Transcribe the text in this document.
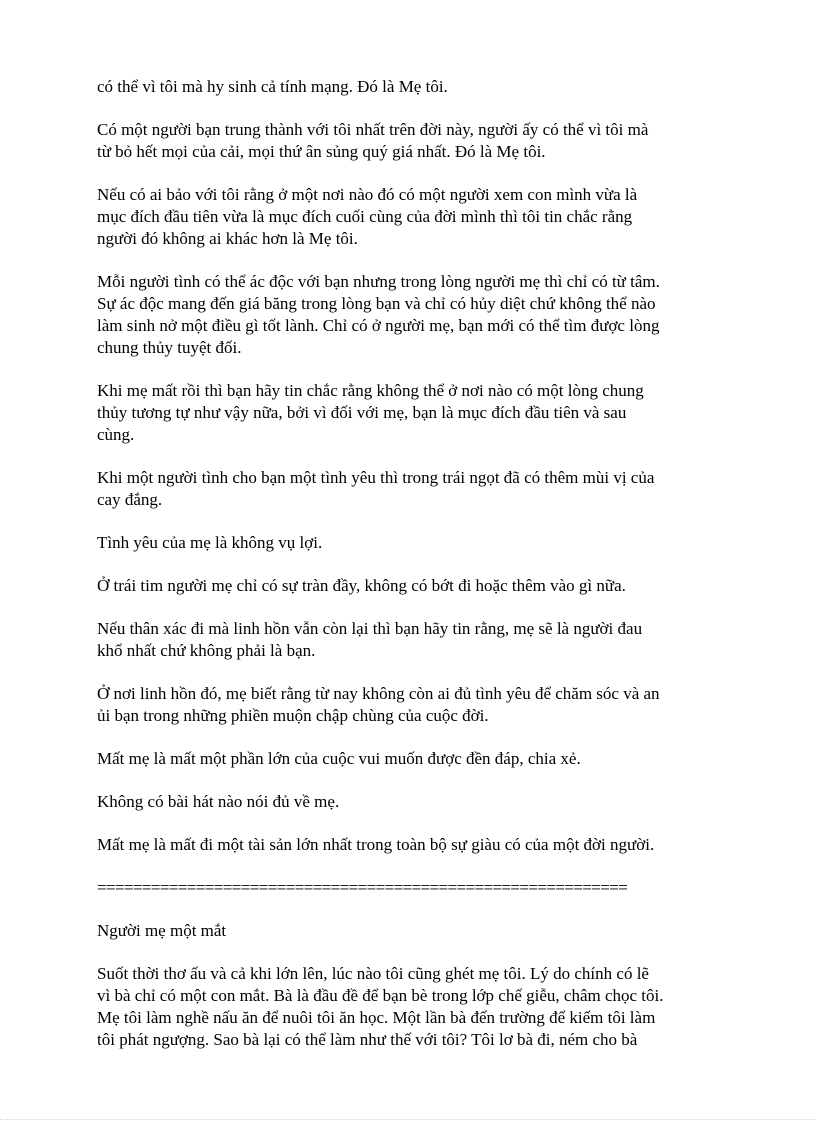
có thể vì tôi mà hy sinh cả tính mạng. Đó là Mẹ tôi.

Có một người bạn trung thành với tôi nhất trên đời này, người ấy có thể vì tôi mà
từ bỏ hết mọi của cải, mọi thứ ân sủng quý giá nhất. Đó là Mẹ tôi.

Nếu có ai bảo với tôi rằng ở một nơi nào đó có một người xem con mình vừa là
mục đích đầu tiên vừa là mục đích cuối cùng của đời mình thì tôi tin chắc rằng
người đó không ai khác hơn là Mẹ tôi.

Mỗi người tình có thể ác độc với bạn nhưng trong lòng người mẹ thì chỉ có từ tâm.
Sự ác độc mang đến giá băng trong lòng bạn và chỉ có hủy diệt chứ không thể nào
làm sinh nở một điều gì tốt lành. Chỉ có ở người mẹ, bạn mới có thể tìm được lòng
chung thủy tuyệt đối.

Khi mẹ mất rồi thì bạn hãy tin chắc rằng không thể ở nơi nào có một lòng chung
thủy tương tự như vậy nữa, bởi vì đối với mẹ, bạn là mục đích đầu tiên và sau
cùng.

Khi một người tình cho bạn một tình yêu thì trong trái ngọt đã có thêm mùi vị của
cay đắng.

Tình yêu của mẹ là không vụ lợi.

Ở trái tim người mẹ chỉ có sự tràn đầy, không có bớt đi hoặc thêm vào gì nữa.

Nếu thân xác đi mà linh hồn vẫn còn lại thì bạn hãy tin rằng, mẹ sẽ là người đau
khổ nhất chứ không phải là bạn.

Ở nơi linh hồn đó, mẹ biết rằng từ nay không còn ai đủ tình yêu để chăm sóc và an
ủi bạn trong những phiền muộn chập chùng của cuộc đời.

Mất mẹ là mất một phần lớn của cuộc vui muốn được đền đáp, chia xẻ.

Không có bài hát nào nói đủ về mẹ.

Mất mẹ là mất đi một tài sản lớn nhất trong toàn bộ sự giàu có của một đời người.

===========================================================

Người mẹ một mắt

Suốt thời thơ ấu và cả khi lớn lên, lúc nào tôi cũng ghét mẹ tôi. Lý do chính có lẽ
vì bà chỉ có một con mắt. Bà là đầu đề để bạn bè trong lớp chế giễu, châm chọc tôi.
Mẹ tôi làm nghề nấu ăn để nuôi tôi ăn học. Một lần bà đến trường để kiếm tôi làm
tôi phát ngượng. Sao bà lại có thể làm như thế với tôi? Tôi lơ bà đi, ném cho bà
